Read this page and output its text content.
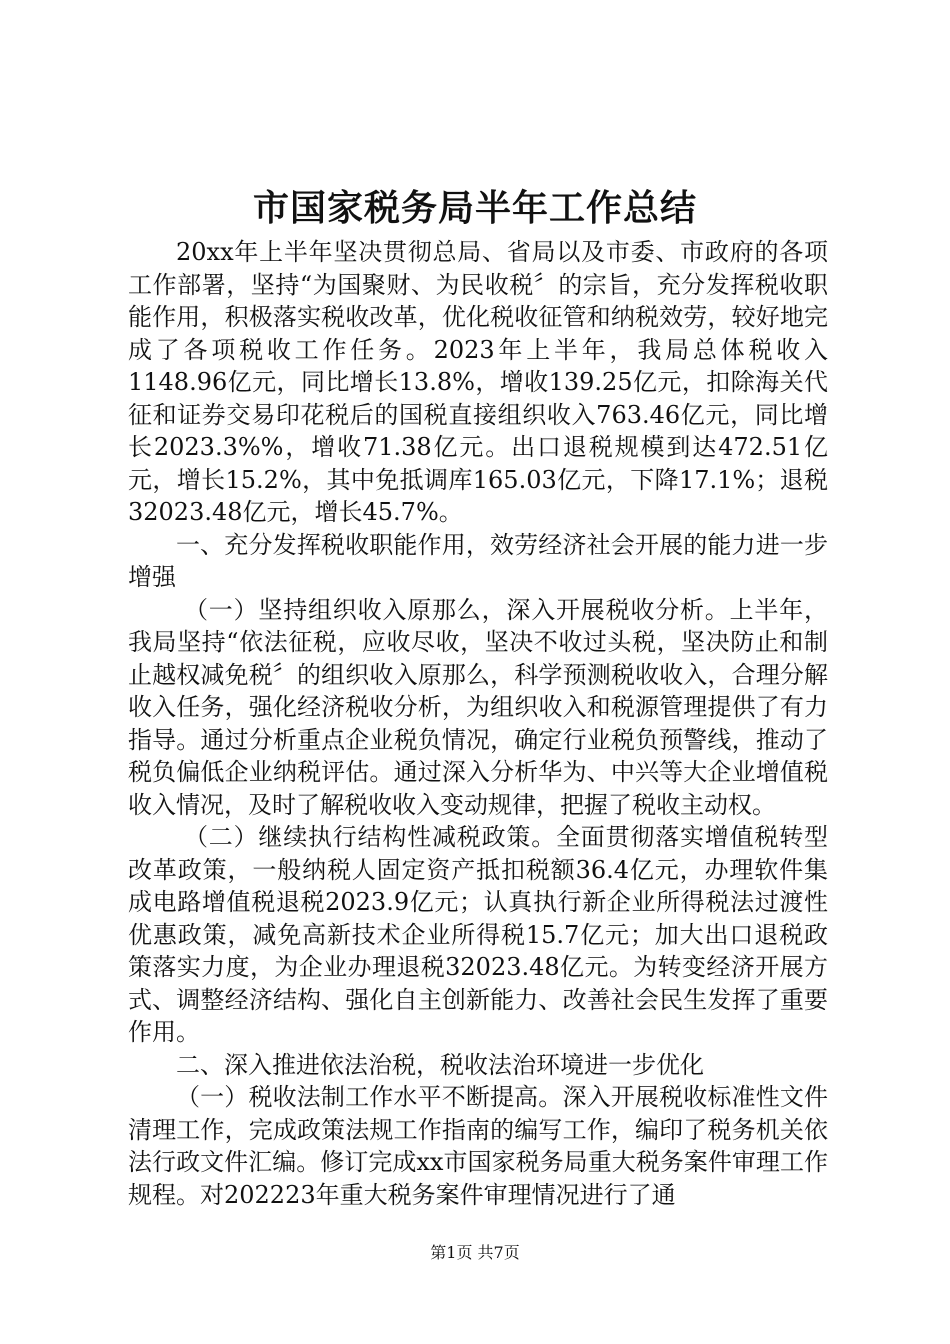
市国家税务局半年工作总结

20xx年上半年坚决贯彻总局、省局以及市委、市政府的各项工作部署，坚持“为国聚财、为民收税〞的宗旨，充分发挥税收职能作用，积极落实税收改革，优化税收征管和纳税效劳，较好地完成了各项税收工作任务。2023年上半年，我局总体税收入1148.96亿元，同比增长13.8%，增收139.25亿元，扣除海关代征和证券交易印花税后的国税直接组织收入763.46亿元，同比增长2023.3%%，增收71.38亿元。出口退税规模到达472.51亿元，增长15.2%，其中免抵调库165.03亿元，下降17.1%；退税32023.48亿元，增长45.7%。

一、充分发挥税收职能作用，效劳经济社会开展的能力进一步增强

（一）坚持组织收入原那么，深入开展税收分析。上半年，我局坚持“依法征税，应收尽收，坚决不收过头税，坚决防止和制止越权减免税〞的组织收入原那么，科学预测税收收入，合理分解收入任务，强化经济税收分析，为组织收入和税源管理提供了有力指导。通过分析重点企业税负情况，确定行业税负预警线，推动了税负偏低企业纳税评估。通过深入分析华为、中兴等大企业增值税收入情况，及时了解税收收入变动规律，把握了税收主动权。

（二）继续执行结构性减税政策。全面贯彻落实增值税转型改革政策，一般纳税人固定资产抵扣税额36.4亿元，办理软件集成电路增值税退税2023.9亿元；认真执行新企业所得税法过渡性优惠政策，减免高新技术企业所得税15.7亿元；加大出口退税政策落实力度，为企业办理退税32023.48亿元。为转变经济开展方式、调整经济结构、强化自主创新能力、改善社会民生发挥了重要作用。

二、深入推进依法治税，税收法治环境进一步优化

（一）税收法制工作水平不断提高。深入开展税收标准性文件清理工作，完成政策法规工作指南的编写工作，编印了税务机关依法行政文件汇编。修订完成xx市国家税务局重大税务案件审理工作规程。对202223年重大税务案件审理情况进行了通

第1页 共7页
